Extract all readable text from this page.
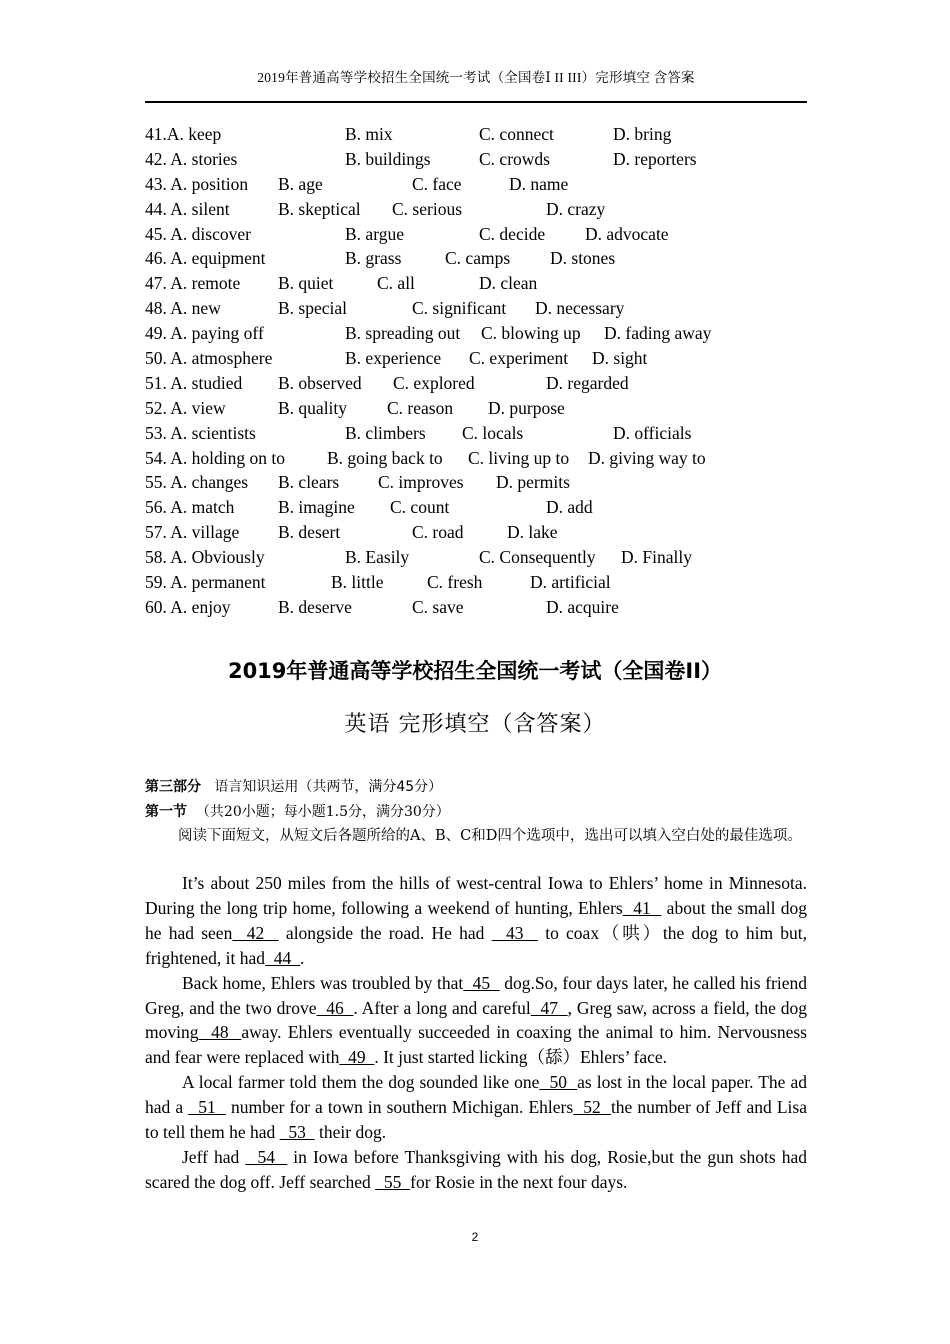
2019年普通高等学校招生全国统一考试（全国卷Ⅰ II III）完形填空 含答案
41.A. keep	B. mix	C. connect	D. bring
42. A. stories	B. buildings	C. crowds	D. reporters
43. A. position B. age	C. face	D. name
44. A. silent	B. skeptical C. serious	D. crazy
45. A. discover	B. argue	C. decide D. advocate
46. A. equipment	B. grass C. camps D. stones
47. A. remote B. quiet C. all	D. clean
48. A. new	B. special	C. significant D. necessary
49. A. paying off	B. spreading out C. blowing up D. fading away
50. A. atmosphere	B. experience C. experiment D. sight
51. A. studied B. observed C. explored	D. regarded
52. A. view	B. quality C. reason D. purpose
53. A. scientists	B. climbers C. locals	D. officials
54. A. holding on to B. going back to C. living up to D. giving way to
55. A. changes B. clears C. improves D. permits
56. A. match B. imagine C. count	D. add
57. A. village B. desert	C. road D. lake
58. A. Obviously	B. Easily	C. Consequently D. Finally
59. A. permanent	B. little C. fresh	D. artificial
60. A. enjoy	B. deserve	C. save	D. acquire
2019年普通高等学校招生全国统一考试（全国卷II）
英语 完形填空（含答案）
第三部分 语言知识运用（共两节，满分45分）
第一节 （共20小题；每小题1.5分，满分30分）
阅读下面短文，从短文后各题所给的A、B、C和D四个选项中，选出可以填入空白处的最佳选项。

It’s about 250 miles from the hills of west-central Iowa to Ehlers’ home in Minnesota. During the long trip home, following a weekend of hunting, Ehlers  41   about the small dog he had seen  42   alongside the road. He had   43   to coax（哄）the dog to him but, frightened, it had  44  .

Back home, Ehlers was troubled by that  45   dog.So, four days later, he called his friend Greg, and the two drove  46  . After a long and careful  47  , Greg saw, across a field, the dog moving  48  away. Ehlers eventually succeeded in coaxing the animal to him. Nervousness and fear were replaced with  49  . It just started licking（舔）Ehlers’ face.

A local farmer told them the dog sounded like one  50  as lost in the local paper. The ad had a   51   number for a town in southern Michigan. Ehlers  52  the number of Jeff and Lisa to tell them he had   53   their dog.

Jeff had   54   in Iowa before Thanksgiving with his dog, Rosie,but the gun shots had scared the dog off. Jeff searched   55  for Rosie in the next four days.

2
